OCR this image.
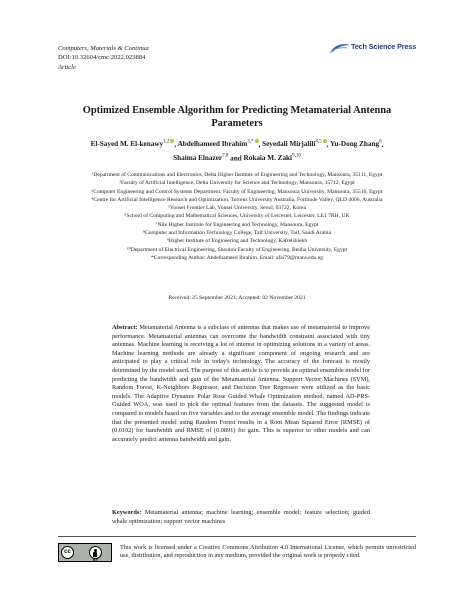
Computers, Materials & Continua
DOI:10.32604/cmc.2022.023884
Article
Tech Science Press
Optimized Ensemble Algorithm for Predicting Metamaterial Antenna Parameters
El-Sayed M. El-kenawy$^{1,2}$ , Abdelhameed Ibrahim$^{3,*}$ , Seyedali Mirjalili$^{4,5}$ , Yu-Dong Zhang$^6$,
Shaima Elnazer$^{7,8}$ and Rokaia M. Zaki$^{9,10}$
¹Department of Communications and Electronics, Delta Higher Institute of Engineering and Technology, Mansoura, 35111, Egypt
²Faculty of Artificial Intelligence, Delta University for Science and Technology, Mansoura, 35712, Egypt
³Computer Engineering and Control Systems Department, Faculty of Engineering, Mansoura University, Mansoura, 35516, Egypt
⁴Centre for Artificial Intelligence Research and Optimization, Torrens University Australia, Fortitude Valley, QLD 4006, Australia
⁵Yonsei Frontier Lab, Yonsei University, Seoul, 03722, Korea
⁶School of Computing and Mathematical Sciences, University of Leicester, Leicester, LE1 7RH, UK
⁷Nile Higher Institute for Engineering and Technology, Mansoura, Egypt
⁸Computer and Information Technology College, Taif University, Taif, Saudi Arabia
⁹Higher Institute of Engineering and Technology, Kafrelshiekh
¹⁰Department of Electrical Engineering, Shoubra Faculty of Engineering, Benha University, Egypt
*Corresponding Author: Abdelhameed Ibrahim. Email: afai79@mans.edu.eg
Received: 25 September 2021; Accepted: 02 November 2021
Abstract: Metamaterial Antenna is a subclass of antennas that makes use of metamaterial to improve performance. Metamaterial antennas can overcome the bandwidth constraint associated with tiny antennas. Machine learning is receiving a lot of interest in optimizing solutions in a variety of areas. Machine learning methods are already a significant component of ongoing research and are anticipated to play a critical role in today's technology. The accuracy of the forecast is mostly determined by the model used. The purpose of this article is to provide an optimal ensemble model for predicting the bandwidth and gain of the Metamaterial Antenna. Support Vector Machines (SVM), Random Forest, K-Neighbors Regressor, and Decision Tree Regressor were utilized as the basic models. The Adaptive Dynamic Polar Rose Guided Whale Optimization method, named AD-PRS-Guided WOA, was used to pick the optimal features from the datasets. The suggested model is compared to models based on five variables and to the average ensemble model. The findings indicate that the presented model using Random Forest results in a Root Mean Squared Error (RMSE) of (0.0102) for bandwidth and RMSE of (0.0891) for gain. This is superior to other models and can accurately predict antenna bandwidth and gain.
Keywords: Metamaterial antenna; machine learning; ensemble model; feature selection; guided whale optimization; support vector machines
cc
BY
This work is licensed under a Creative Commons Attribution 4.0 International License, which permits unrestricted use, distribution, and reproduction in any medium, provided the original work is properly cited.
